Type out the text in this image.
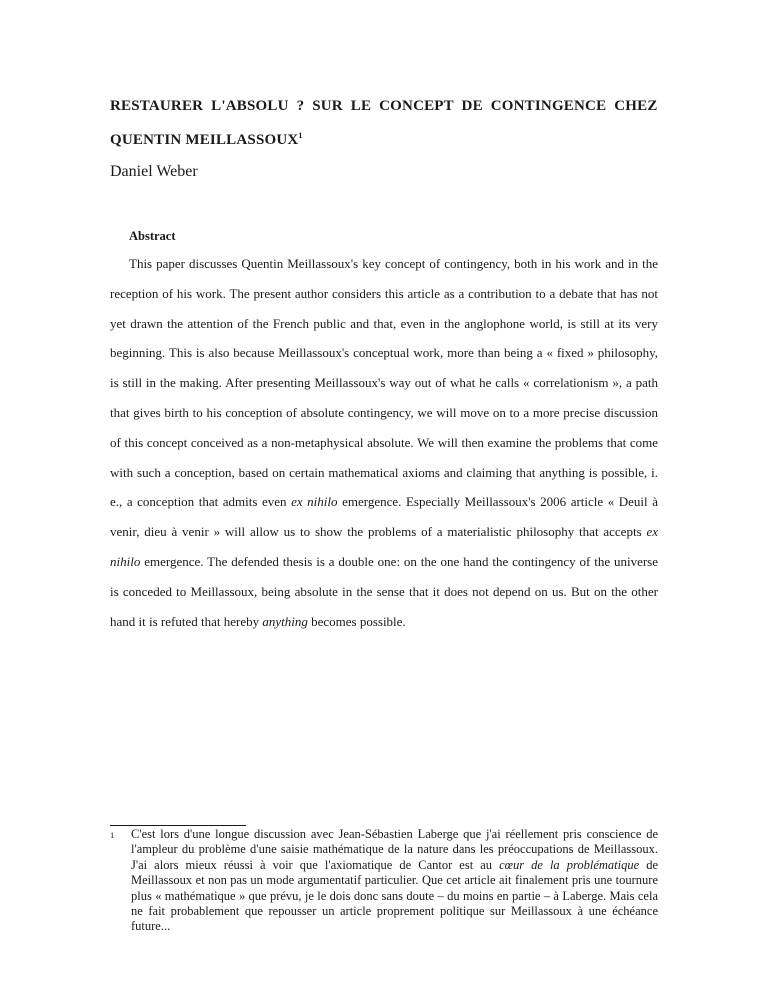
RESTAURER L'ABSOLU ? SUR LE CONCEPT DE CONTINGENCE CHEZ
QUENTIN MEILLASSOUX$^1$
Daniel Weber
Abstract

This paper discusses Quentin Meillassoux's key concept of contingency, both in his work and in the reception of his work. The present author considers this article as a contribution to a debate that has not yet drawn the attention of the French public and that, even in the anglophone world, is still at its very beginning. This is also because Meillassoux's conceptual work, more than being a « fixed » philosophy, is still in the making. After presenting Meillassoux's way out of what he calls « correlationism », a path that gives birth to his conception of absolute contingency, we will move on to a more precise discussion of this concept conceived as a non-metaphysical absolute. We will then examine the problems that come with such a conception, based on certain mathematical axioms and claiming that anything is possible, i. e., a conception that admits even ex nihilo emergence. Especially Meillassoux's 2006 article « Deuil à venir, dieu à venir » will allow us to show the problems of a materialistic philosophy that accepts ex nihilo emergence. The defended thesis is a double one: on the one hand the contingency of the universe is conceded to Meillassoux, being absolute in the sense that it does not depend on us. But on the other hand it is refuted that hereby anything becomes possible.

1 C'est lors d'une longue discussion avec Jean-Sébastien Laberge que j'ai réellement pris conscience de l'ampleur du problème d'une saisie mathématique de la nature dans les préoccupations de Meillassoux. J'ai alors mieux réussi à voir que l'axiomatique de Cantor est au cœur de la problématique de Meillassoux et non pas un mode argumentatif particulier. Que cet article ait finalement pris une tournure plus « mathématique » que prévu, je le dois donc sans doute – du moins en partie – à Laberge. Mais cela ne fait probablement que repousser un article proprement politique sur Meillassoux à une échéance future...
